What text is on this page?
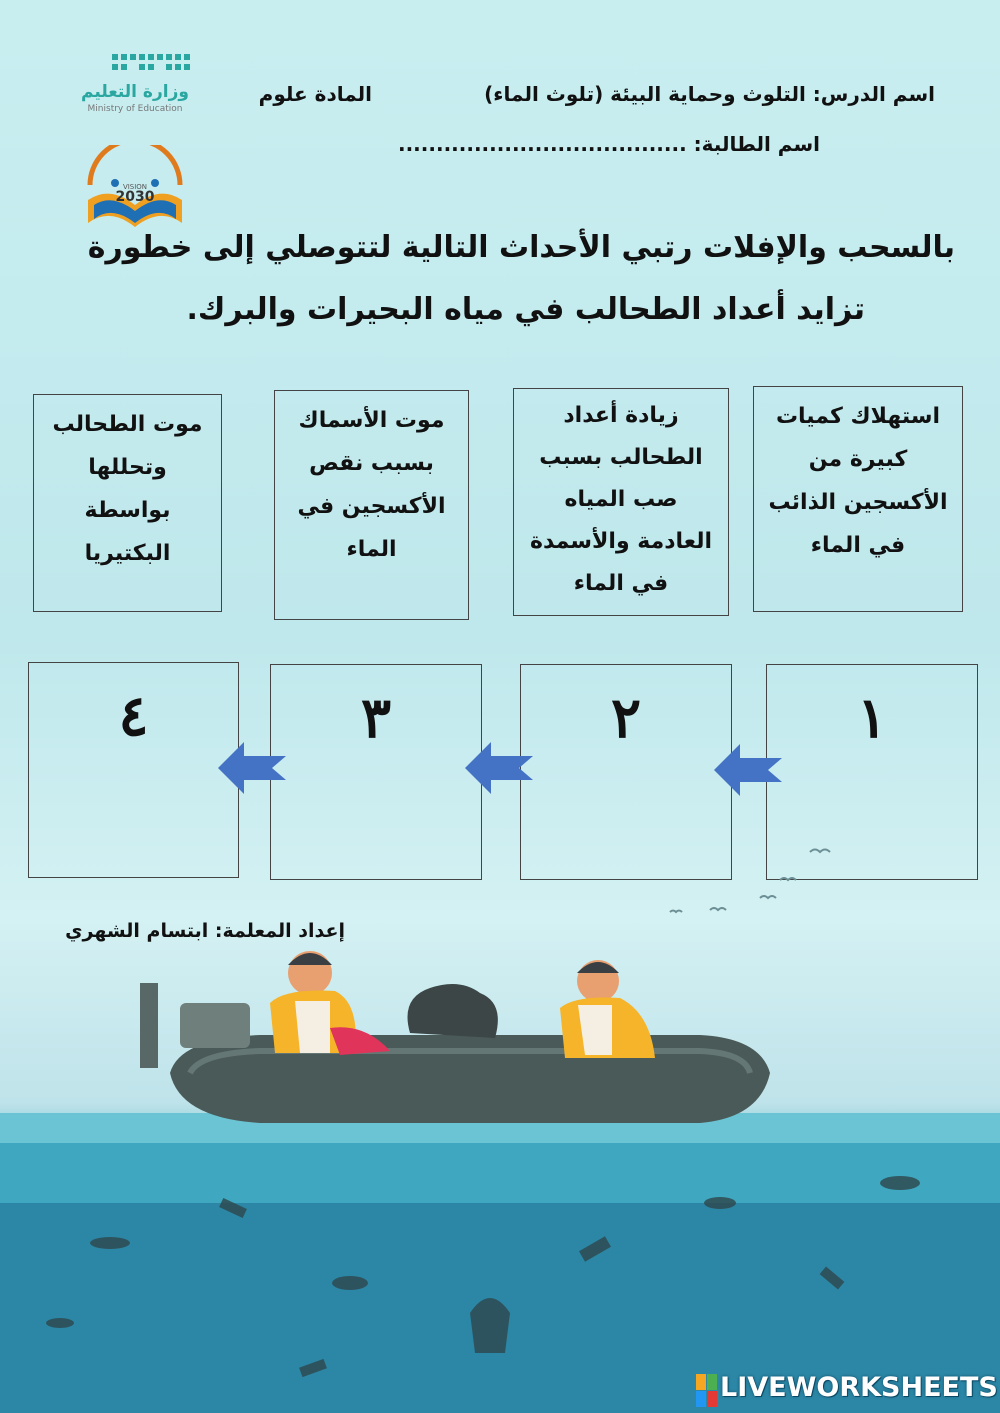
وزارة التعليم
Ministry of Education
VISION
2030
اسم الدرس: التلوث وحماية البيئة (تلوث الماء)
المادة علوم
اسم الطالبة: ......................................
بالسحب والإفلات رتبي الأحداث التالية لتتوصلي إلى خطورة
تزايد أعداد الطحالب في مياه البحيرات والبرك.
استهلاك كميات
كبيرة من
الأكسجين الذائب
في الماء
زيادة أعداد
الطحالب بسبب
صب المياه
العادمة والأسمدة
في الماء
موت الأسماك
بسبب نقص
الأكسجين في
الماء
موت الطحالب
وتحللها
بواسطة
البكتيريا
١
٢
٣
٤
إعداد المعلمة: ابتسام الشهري
LIVEWORKSHEETS
